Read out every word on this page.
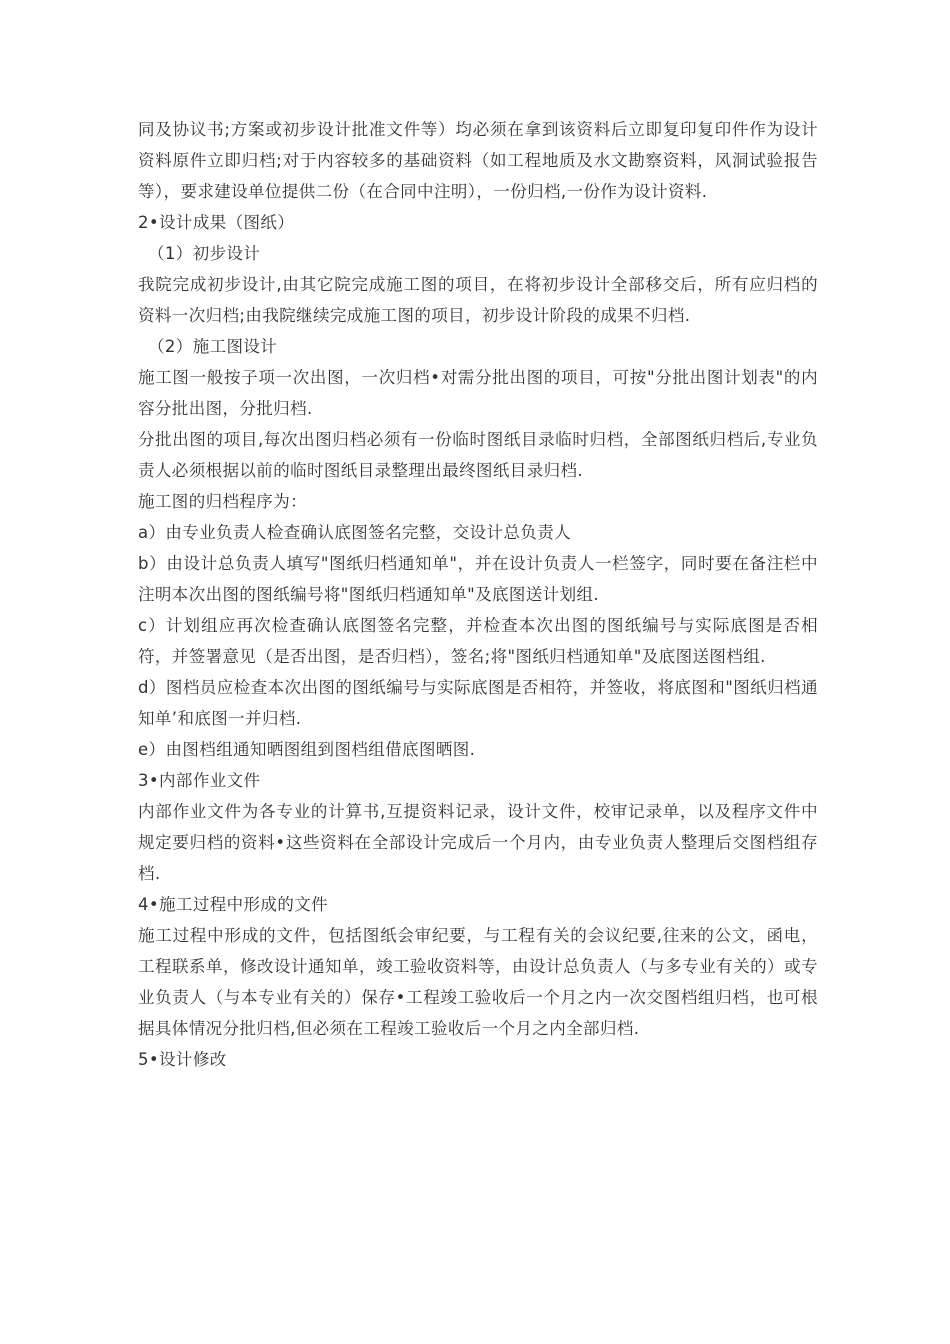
同及协议书;方案或初步设计批准文件等）均必须在拿到该资料后立即复印复印件作为设计资料原件立即归档;对于内容较多的基础资料（如工程地质及水文勘察资料，风洞试验报告等），要求建设单位提供二份（在合同中注明），一份归档,一份作为设计资料.

2•设计成果（图纸）

（1）初步设计

我院完成初步设计,由其它院完成施工图的项目，在将初步设计全部移交后，所有应归档的资料一次归档;由我院继续完成施工图的项目，初步设计阶段的成果不归档.

（2）施工图设计

施工图一般按子项一次出图，一次归档•对需分批出图的项目，可按"分批出图计划表"的内容分批出图，分批归档.

分批出图的项目,每次出图归档必须有一份临时图纸目录临时归档，全部图纸归档后,专业负责人必须根据以前的临时图纸目录整理出最终图纸目录归档.

施工图的归档程序为：

a）由专业负责人检查确认底图签名完整，交设计总负责人

b）由设计总负责人填写"图纸归档通知单"，并在设计负责人一栏签字，同时要在备注栏中注明本次出图的图纸编号将"图纸归档通知单"及底图送计划组.

c）计划组应再次检查确认底图签名完整，并检查本次出图的图纸编号与实际底图是否相符，并签署意见（是否出图，是否归档），签名;将"图纸归档通知单"及底图送图档组.

d）图档员应检查本次出图的图纸编号与实际底图是否相符，并签收，将底图和"图纸归档通知单’和底图一并归档.

e）由图档组通知晒图组到图档组借底图晒图.

3•内部作业文件

内部作业文件为各专业的计算书,互提资料记录，设计文件，校审记录单，以及程序文件中规定要归档的资料•这些资料在全部设计完成后一个月内，由专业负责人整理后交图档组存档.

4•施工过程中形成的文件

施工过程中形成的文件，包括图纸会审纪要，与工程有关的会议纪要,往来的公文，函电，工程联系单，修改设计通知单，竣工验收资料等，由设计总负责人（与多专业有关的）或专业负责人（与本专业有关的）保存•工程竣工验收后一个月之内一次交图档组归档，也可根据具体情况分批归档,但必须在工程竣工验收后一个月之内全部归档.

5•设计修改
